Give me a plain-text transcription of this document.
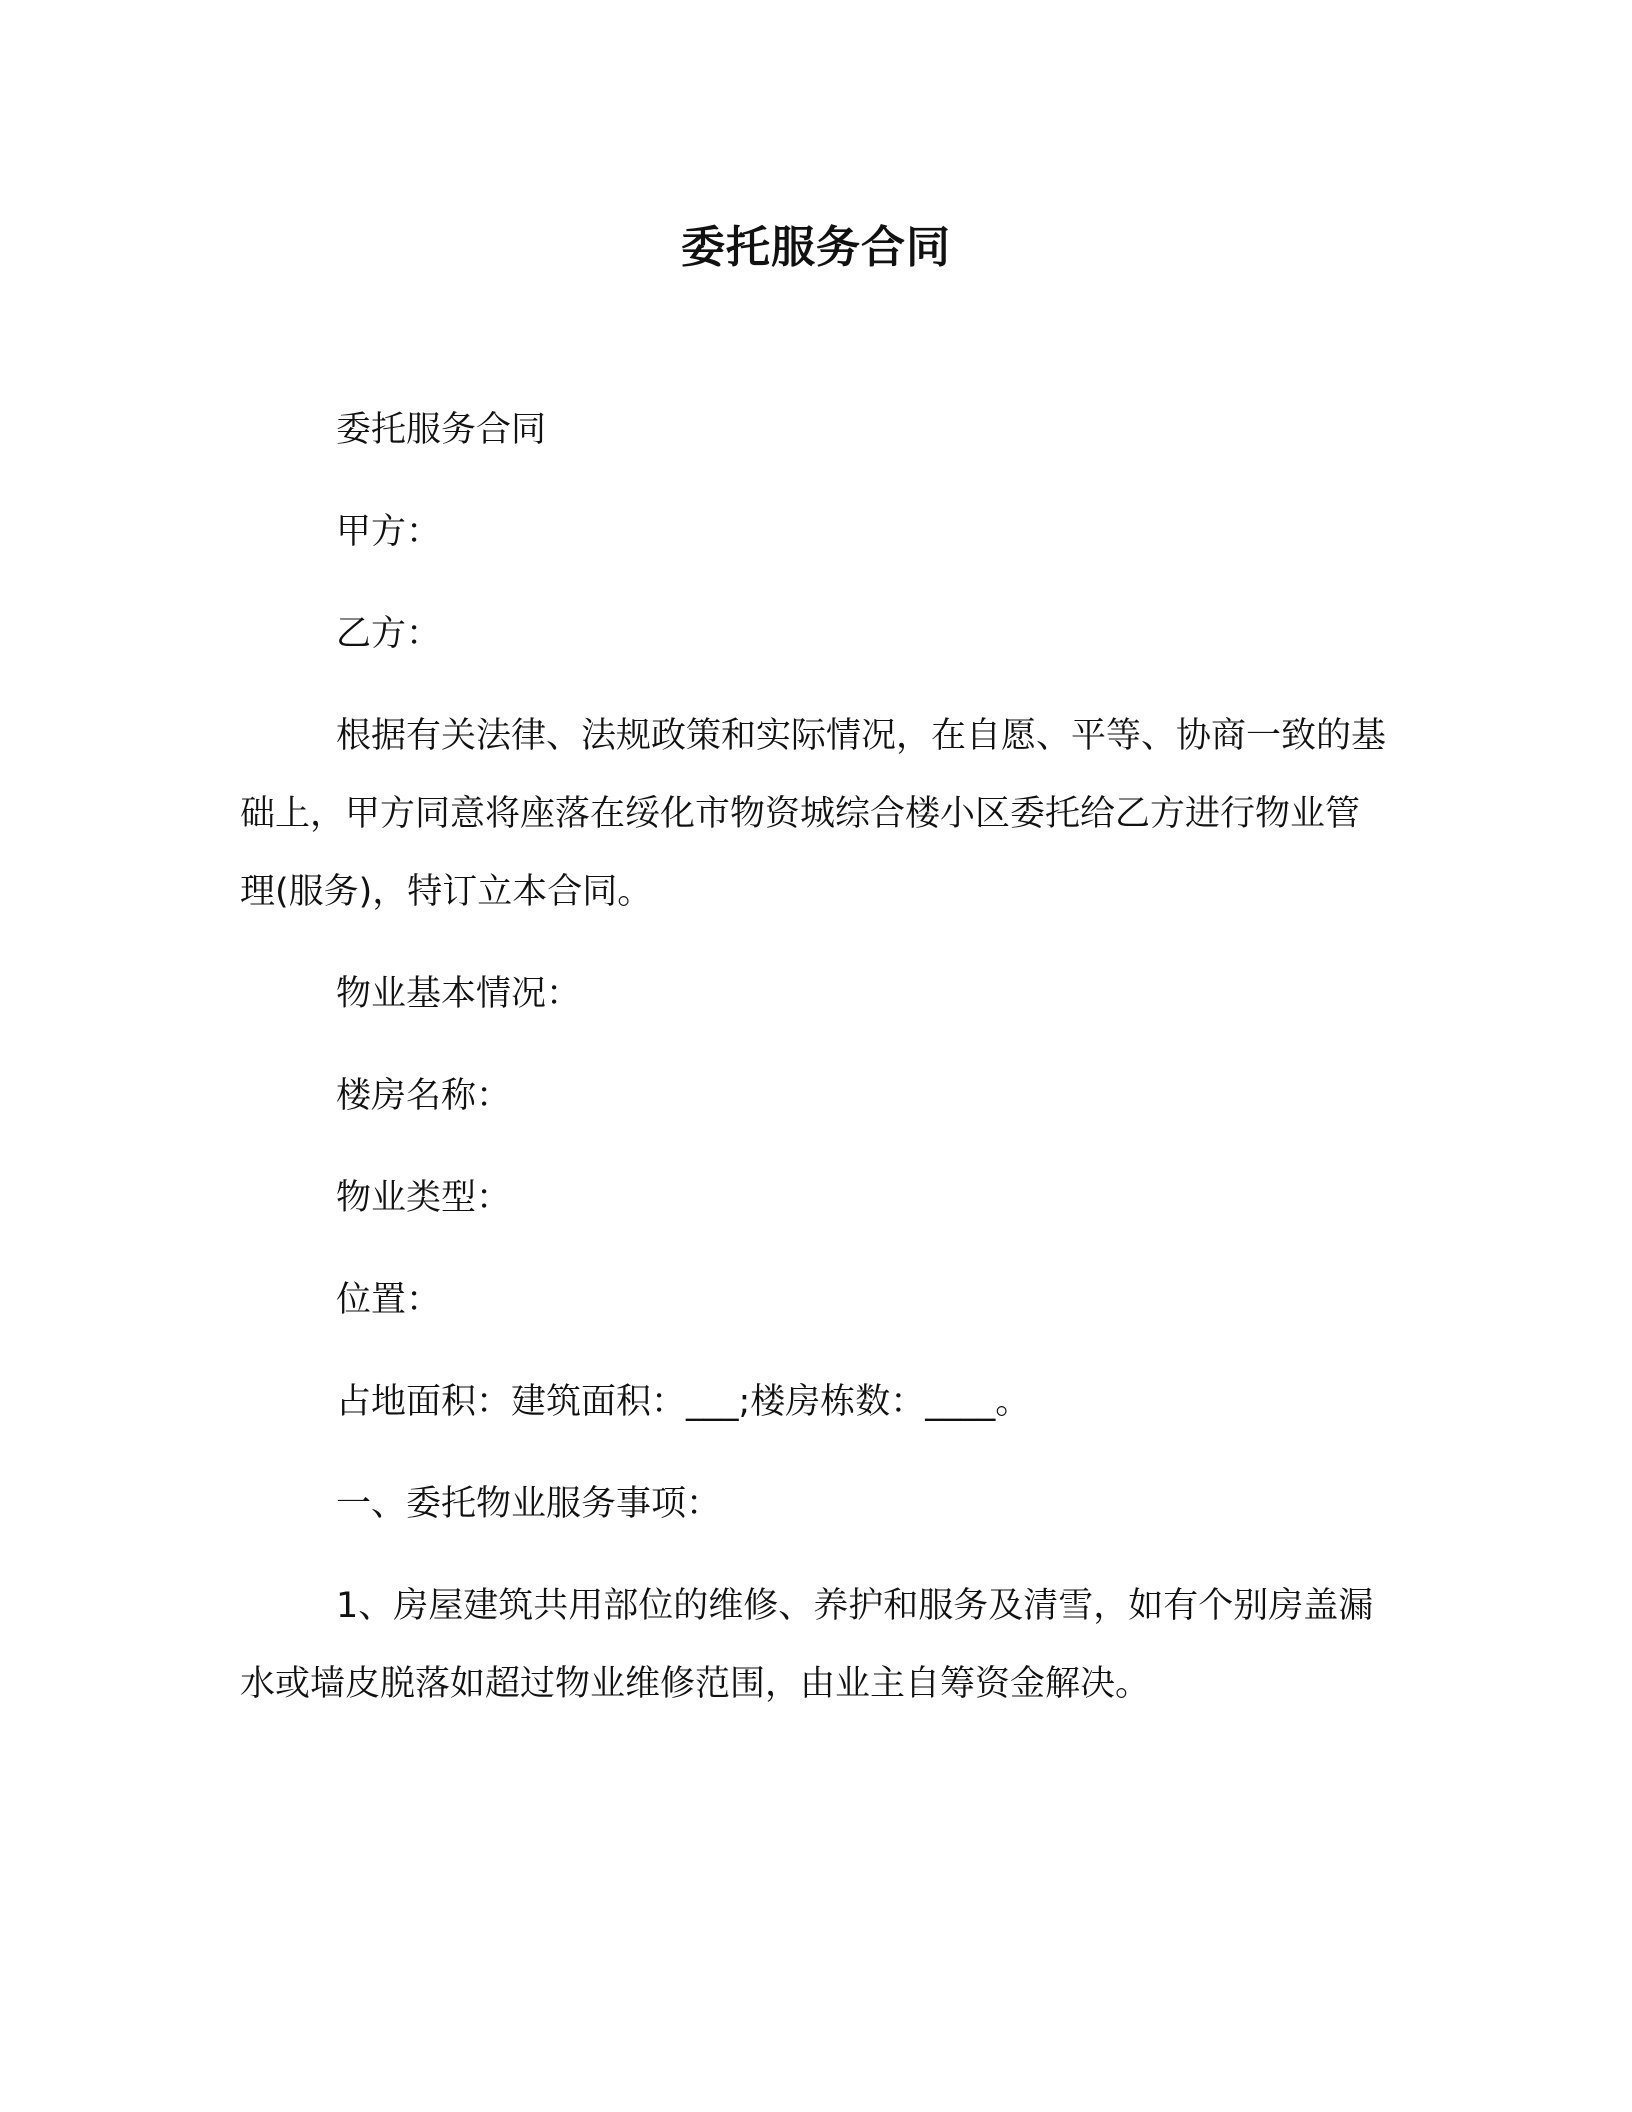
委托服务合同

委托服务合同

甲方：

乙方：

根据有关法律、法规政策和实际情况，在自愿、平等、协商一致的基础上，甲方同意将座落在绥化市物资城综合楼小区委托给乙方进行物业管理(服务)，特订立本合同。

物业基本情况：

楼房名称：

物业类型：

位置：

占地面积：建筑面积：___;楼房栋数：____。

一、委托物业服务事项：

1、房屋建筑共用部位的维修、养护和服务及清雪，如有个别房盖漏水或墙皮脱落如超过物业维修范围，由业主自筹资金解决。
